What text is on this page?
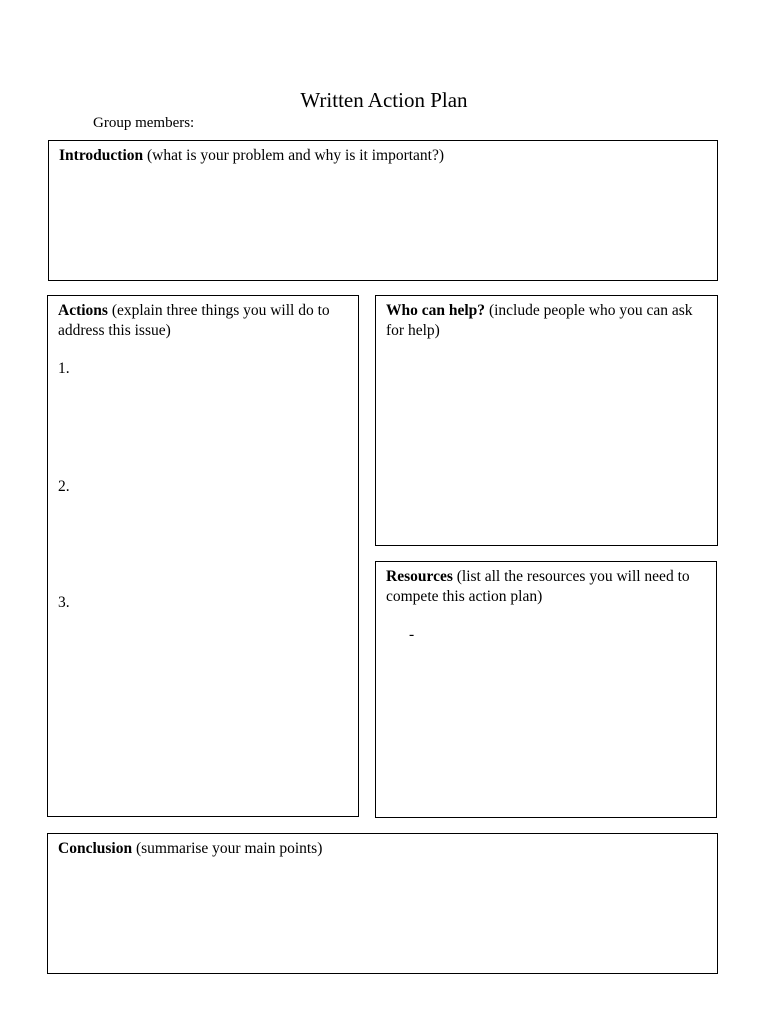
Written Action Plan
Group members:
Introduction (what is your problem and why is it important?)
Actions (explain three things you will do to address this issue)
1.
2.
3.
Who can help? (include people who you can ask for help)
Resources (list all the resources you will need to compete this action plan)
-
Conclusion (summarise your main points)
